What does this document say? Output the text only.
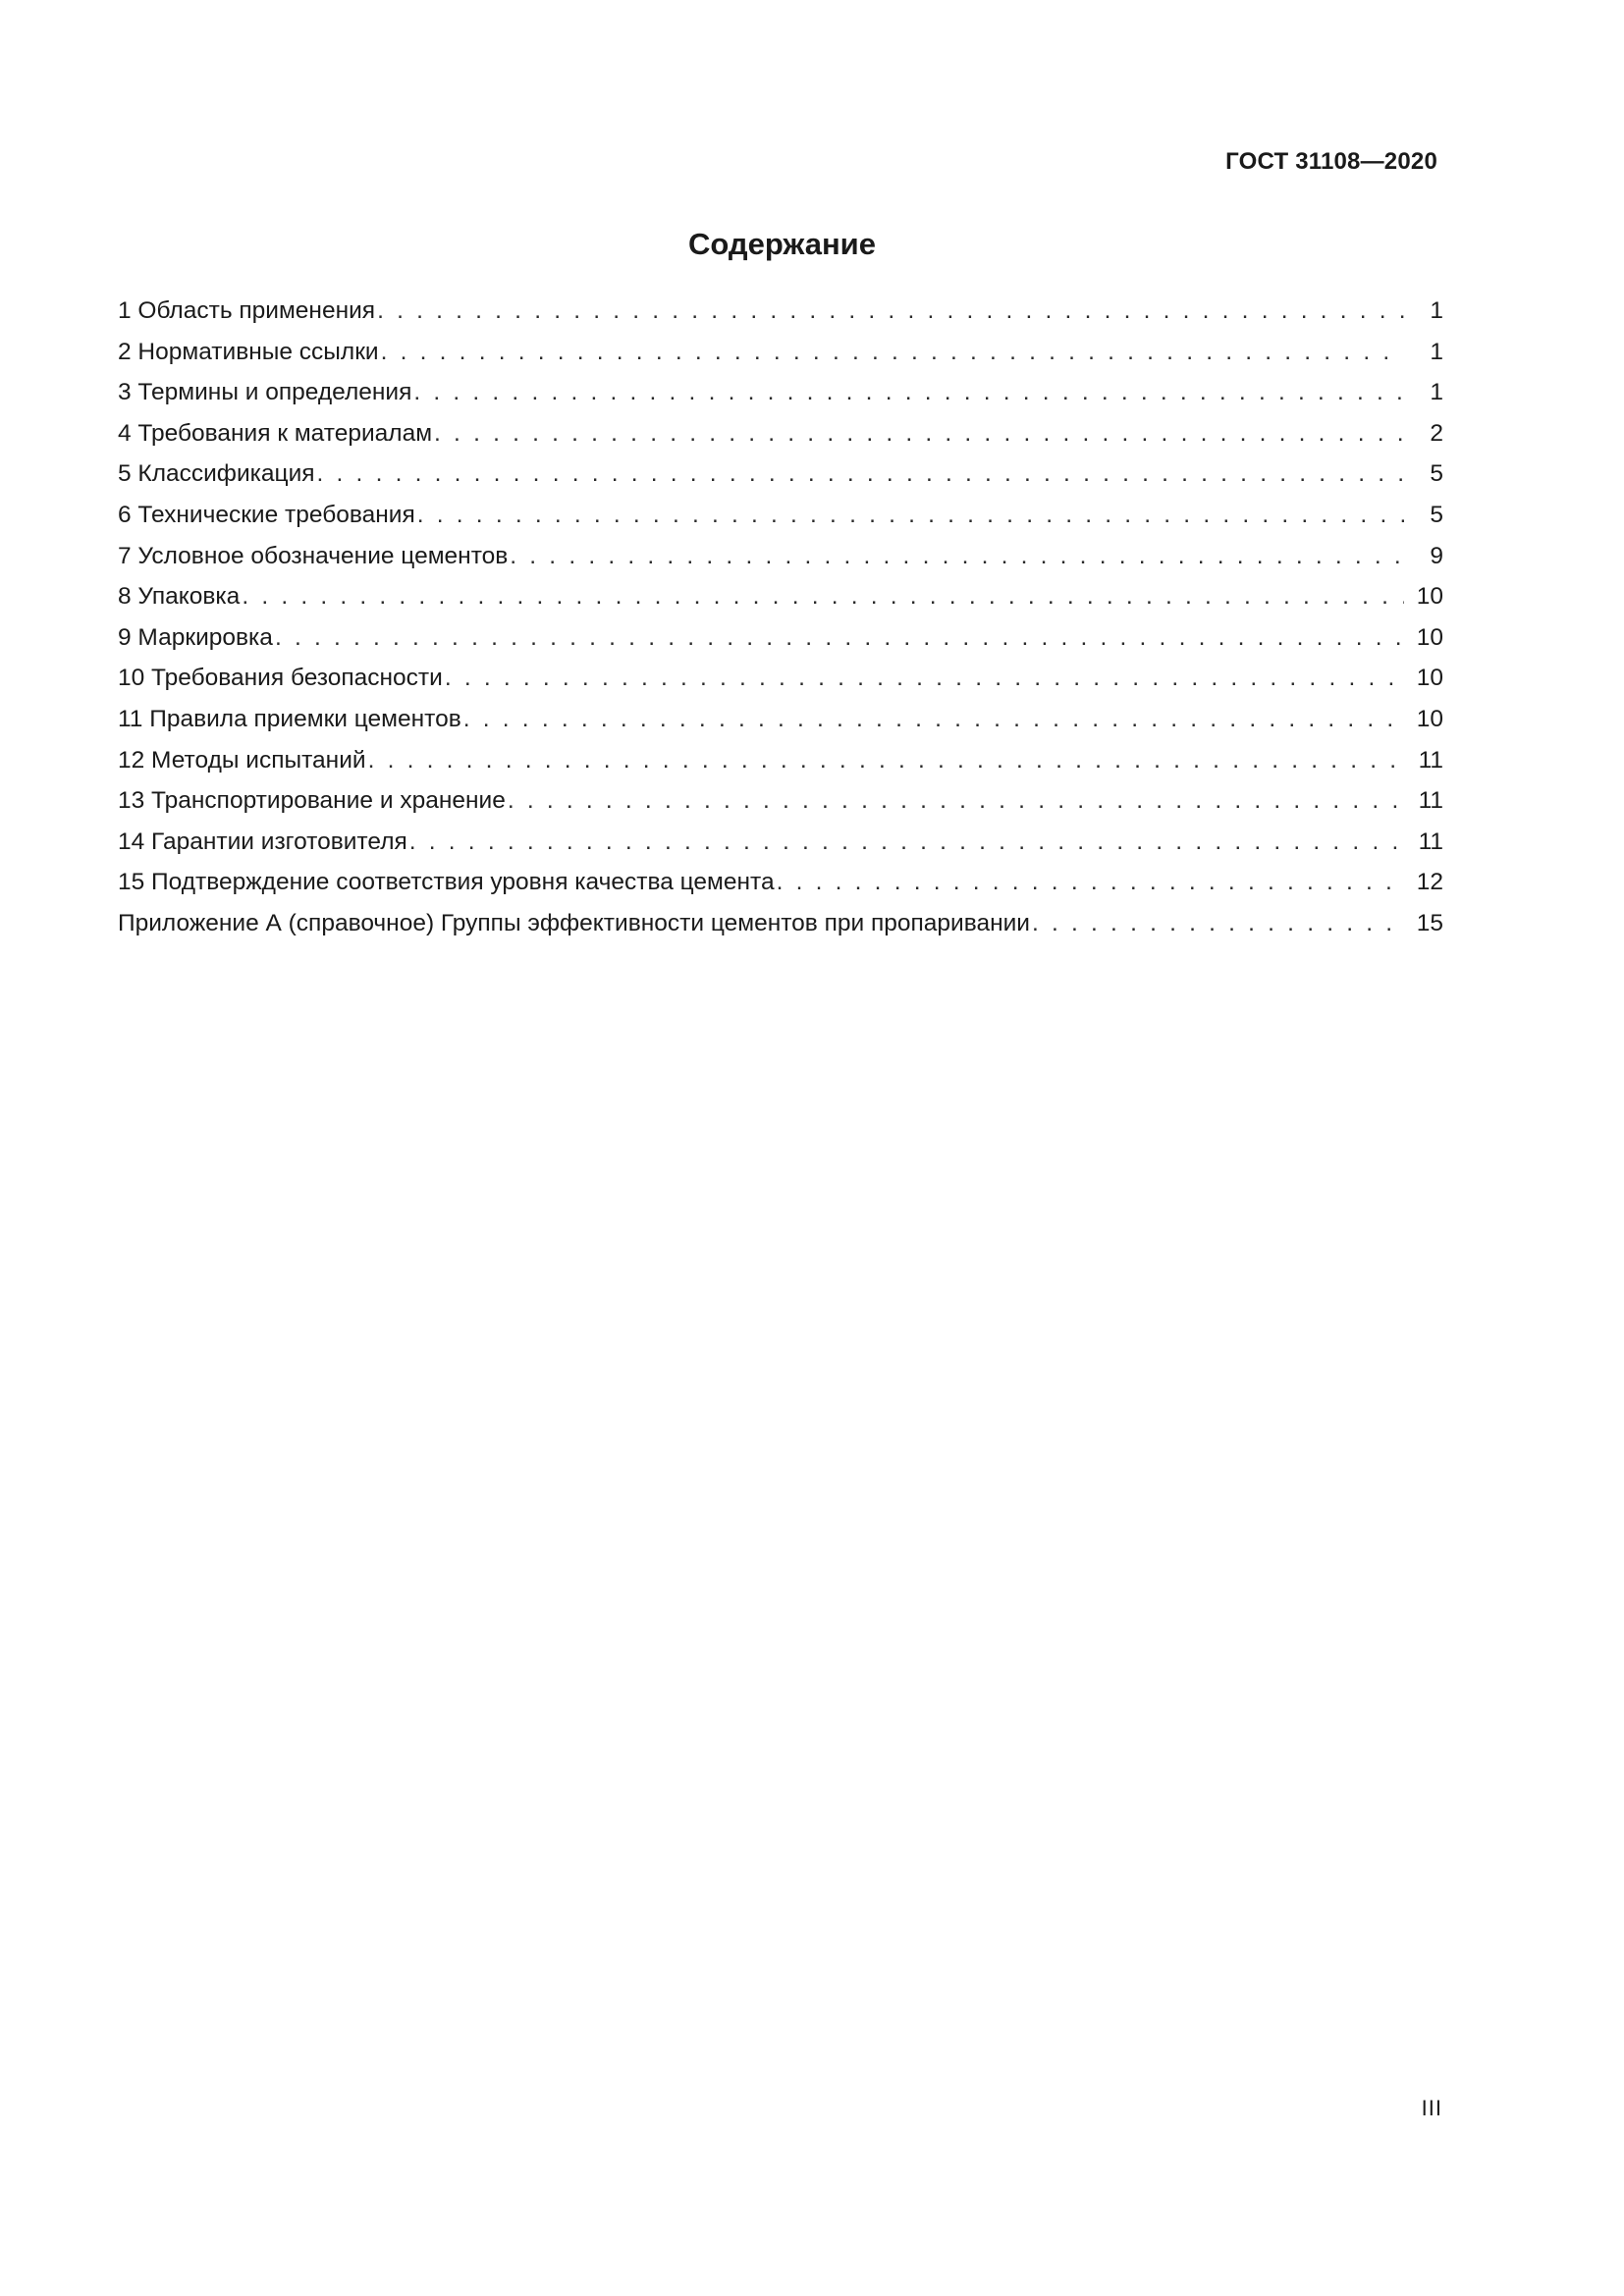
ГОСТ 31108—2020
Содержание
1 Область применения . . .	1
2 Нормативные ссылки . . .	1
3 Термины и определения . . .	1
4 Требования к материалам . . .	2
5 Классификация . . .	5
6 Технические требования . . .	5
7 Условное обозначение цементов . . .	9
8 Упаковка . . .	10
9 Маркировка . . .	10
10 Требования безопасности . . .	10
11 Правила приемки цементов . . .	10
12 Методы испытаний . . .	11
13 Транспортирование и хранение . . .	11
14 Гарантии изготовителя . . .	11
15 Подтверждение соответствия уровня качества цемента . . .	12
Приложение А (справочное) Группы эффективности цементов при пропаривании . . .	15
III
